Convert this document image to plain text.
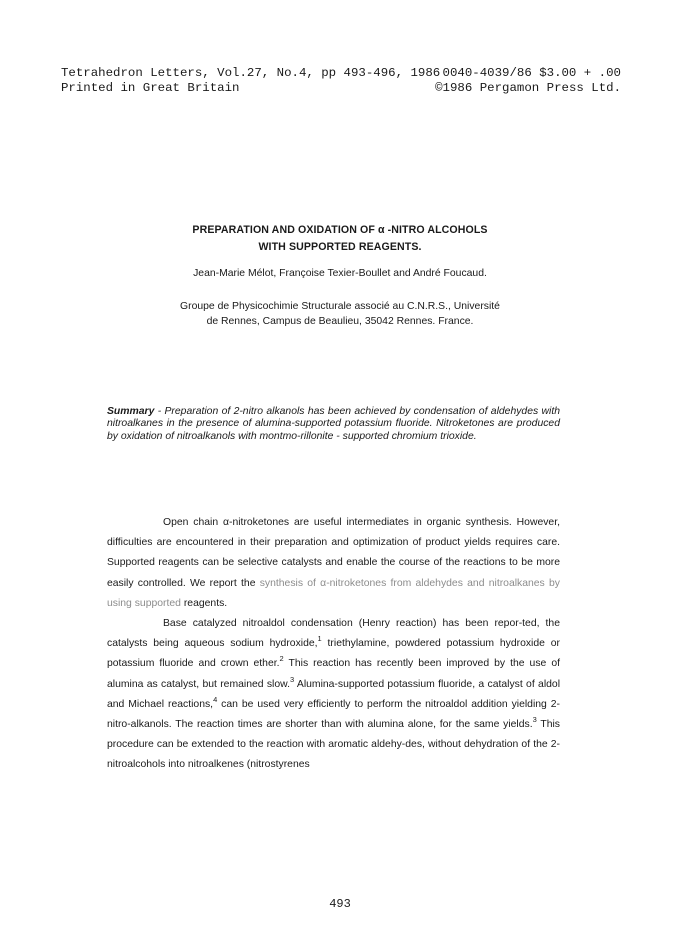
Tetrahedron Letters, Vol.27, No.4, pp 493-496, 1986 0040-4039/86 $3.00 + .00
Printed in Great Britain	©1986 Pergamon Press Ltd.
PREPARATION AND OXIDATION OF α -NITRO ALCOHOLS
WITH SUPPORTED REAGENTS.
Jean-Marie Mélot, Françoise Texier-Boullet and André Foucaud.
Groupe de Physicochimie Structurale associé au C.N.R.S., Université
de Rennes, Campus de Beaulieu, 35042 Rennes. France.
Summary - Preparation of 2-nitro alkanols has been achieved by condensation of aldehydes with nitroalkanes in the presence of alumina-supported potassium fluoride. Nitroketones are produced by oxidation of nitroalkanols with montmo-rillonite - supported chromium trioxide.

Open chain α-nitroketones are useful intermediates in organic synthesis. However, difficulties are encountered in their preparation and optimization of product yields requires care. Supported reagents can be selective catalysts and enable the course of the reactions to be more easily controlled. We report the synthesis of α-nitroketones from aldehydes and nitroalkanes by using supported reagents.

Base catalyzed nitroaldol condensation (Henry reaction) has been repor-ted, the catalysts being aqueous sodium hydroxide,$^1$ triethylamine, powdered potassium hydroxide or potassium fluoride and crown ether.$^2$ This reaction has recently been improved by the use of alumina as catalyst, but remained slow.$^3$ Alumina-supported potassium fluoride, a catalyst of aldol and Michael reactions,$^4$ can be used very efficiently to perform the nitroaldol addition yielding 2-nitro-alkanols. The reaction times are shorter than with alumina alone, for the same yields.$^3$ This procedure can be extended to the reaction with aromatic aldehy-des, without dehydration of the 2-nitroalcohols into nitroalkenes (nitrostyrenes

493
